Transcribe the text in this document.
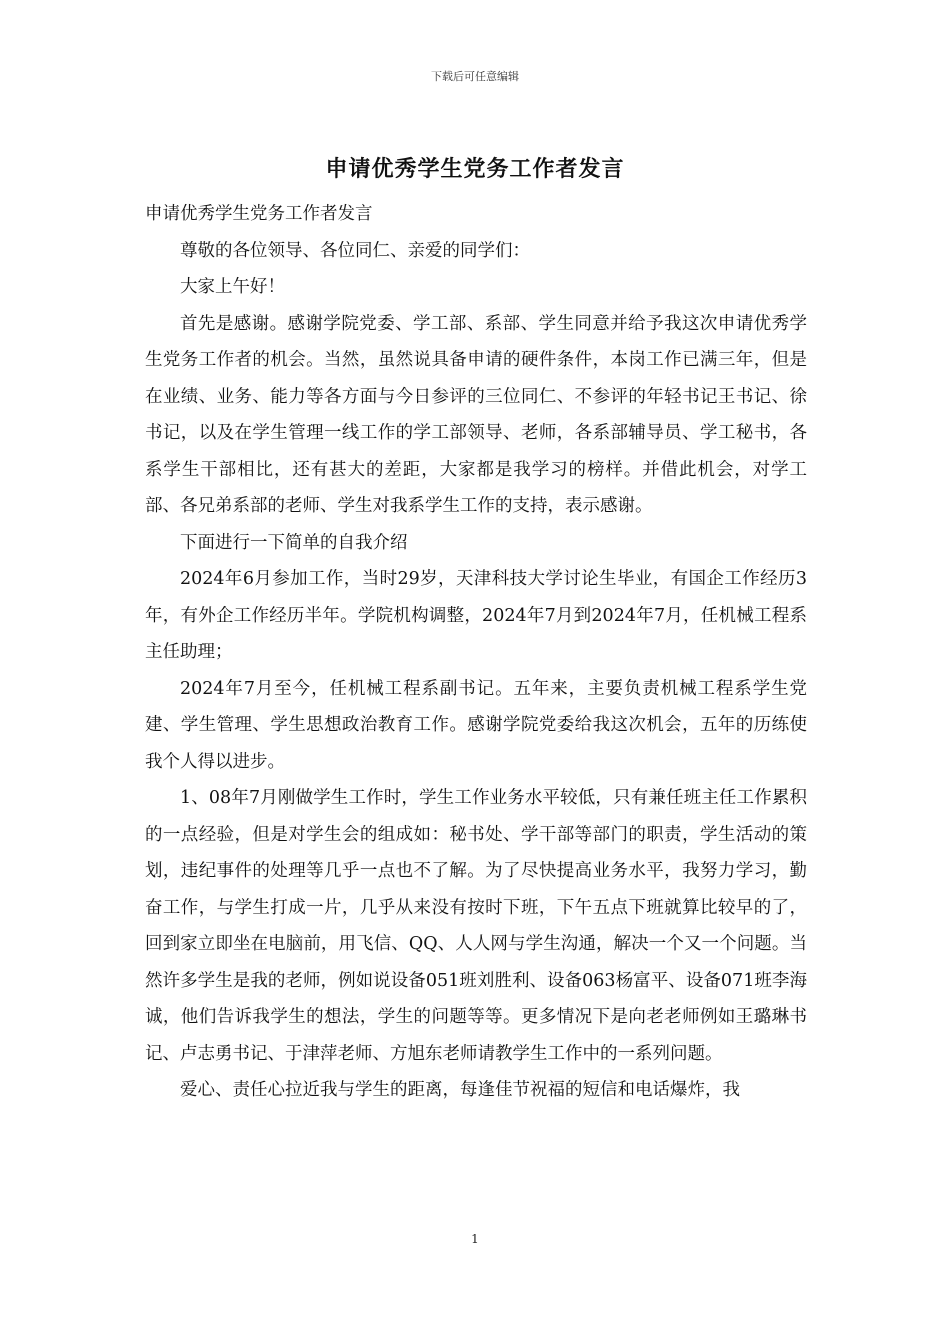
下载后可任意编辑
申请优秀学生党务工作者发言

申请优秀学生党务工作者发言

尊敬的各位领导、各位同仁、亲爱的同学们：

大家上午好！

首先是感谢。感谢学院党委、学工部、系部、学生同意并给予我这次申请优秀学生党务工作者的机会。当然，虽然说具备申请的硬件条件，本岗工作已满三年，但是在业绩、业务、能力等各方面与今日参评的三位同仁、不参评的年轻书记王书记、徐书记，以及在学生管理一线工作的学工部领导、老师，各系部辅导员、学工秘书，各系学生干部相比，还有甚大的差距，大家都是我学习的榜样。并借此机会，对学工部、各兄弟系部的老师、学生对我系学生工作的支持，表示感谢。

下面进行一下简单的自我介绍

2024年6月参加工作，当时29岁，天津科技大学讨论生毕业，有国企工作经历3年，有外企工作经历半年。学院机构调整，2024年7月到2024年7月，任机械工程系主任助理；

2024年7月至今，任机械工程系副书记。五年来，主要负责机械工程系学生党建、学生管理、学生思想政治教育工作。感谢学院党委给我这次机会，五年的历练使我个人得以进步。

1、08年7月刚做学生工作时，学生工作业务水平较低，只有兼任班主任工作累积的一点经验，但是对学生会的组成如：秘书处、学干部等部门的职责，学生活动的策划，违纪事件的处理等几乎一点也不了解。为了尽快提高业务水平，我努力学习，勤奋工作，与学生打成一片，几乎从来没有按时下班，下午五点下班就算比较早的了，回到家立即坐在电脑前，用飞信、QQ、人人网与学生沟通，解决一个又一个问题。当然许多学生是我的老师，例如说设备051班刘胜利、设备063杨富平、设备071班李海诚，他们告诉我学生的想法，学生的问题等等。更多情况下是向老老师例如王璐琳书记、卢志勇书记、于津萍老师、方旭东老师请教学生工作中的一系列问题。

爱心、责任心拉近我与学生的距离，每逢佳节祝福的短信和电话爆炸，我

1
